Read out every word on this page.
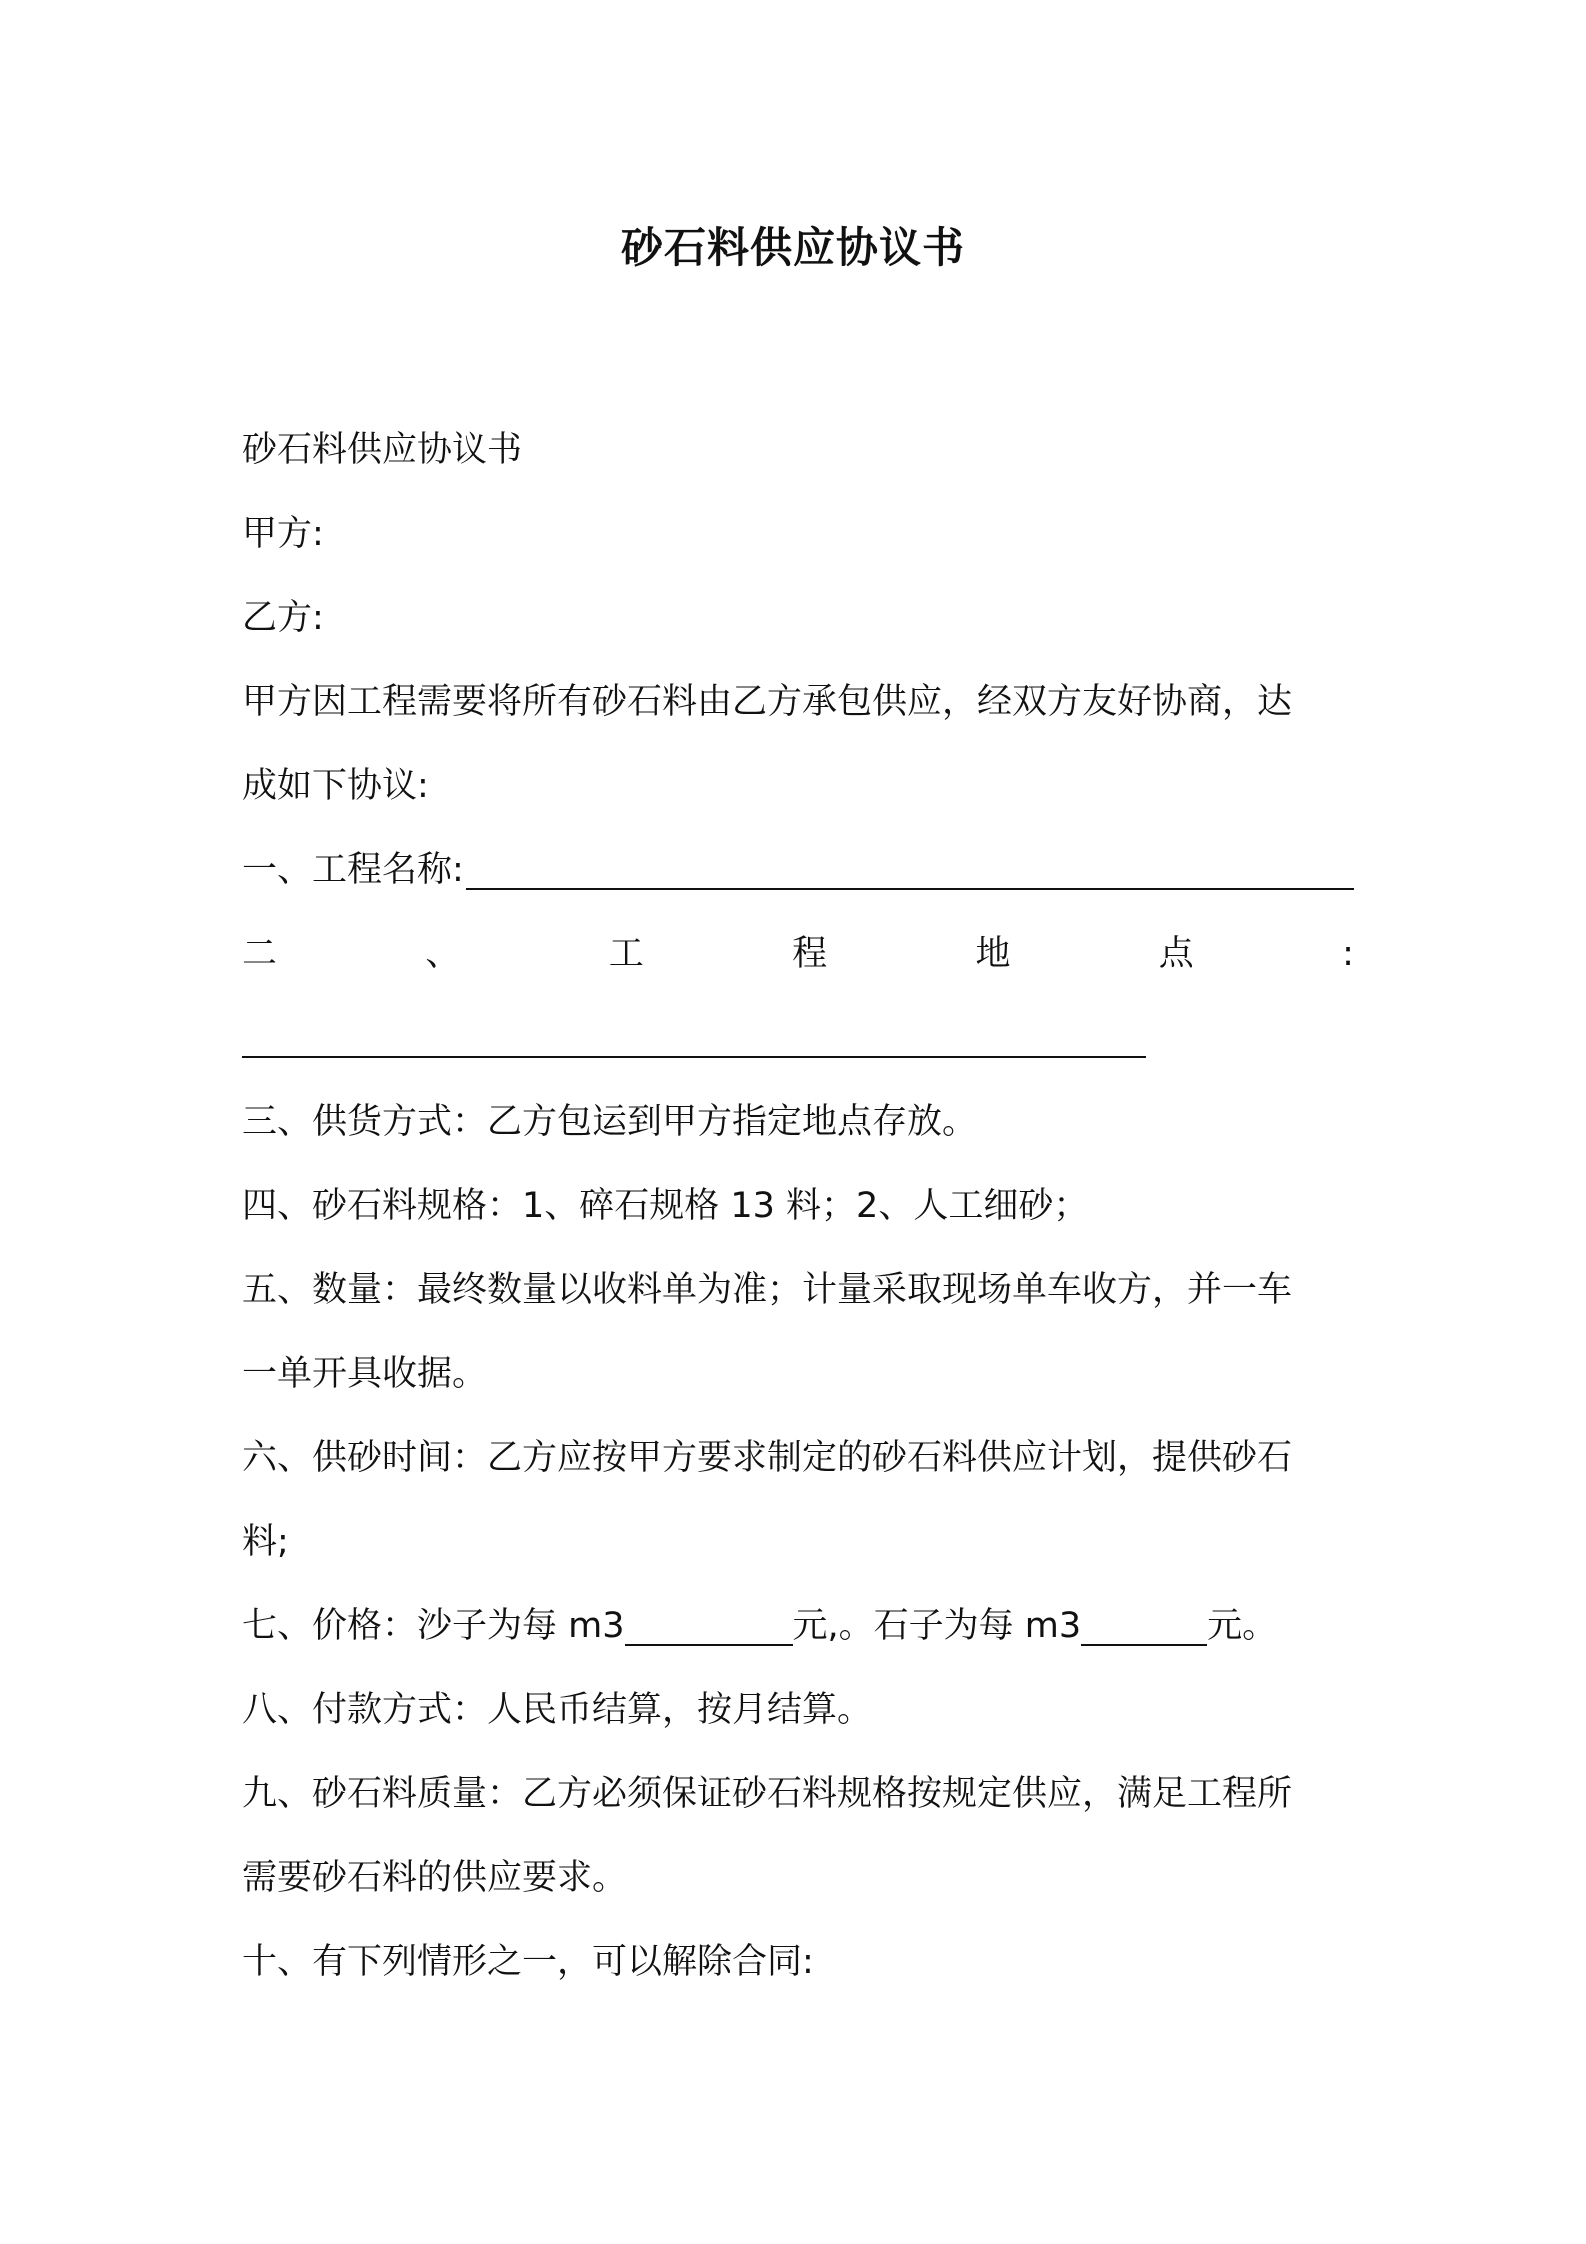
砂石料供应协议书
砂石料供应协议书
甲方:
乙方:
甲方因工程需要将所有砂石料由乙方承包供应，经双方友好协商，达
成如下协议:
一、工程名称:
二	、	工	程	地	点	:
三、供货方式：乙方包运到甲方指定地点存放。
四、砂石料规格：1、碎石规格 13 料；2、人工细砂；
五、数量：最终数量以收料单为准；计量采取现场单车收方，并一车
一单开具收据。
六、供砂时间：乙方应按甲方要求制定的砂石料供应计划，提供砂石
料;
七、价格：沙子为每 m3	元,。石子为每 m3	元。
八、付款方式：人民币结算，按月结算。
九、砂石料质量：乙方必须保证砂石料规格按规定供应，满足工程所
需要砂石料的供应要求。
十、有下列情形之一，可以解除合同:
